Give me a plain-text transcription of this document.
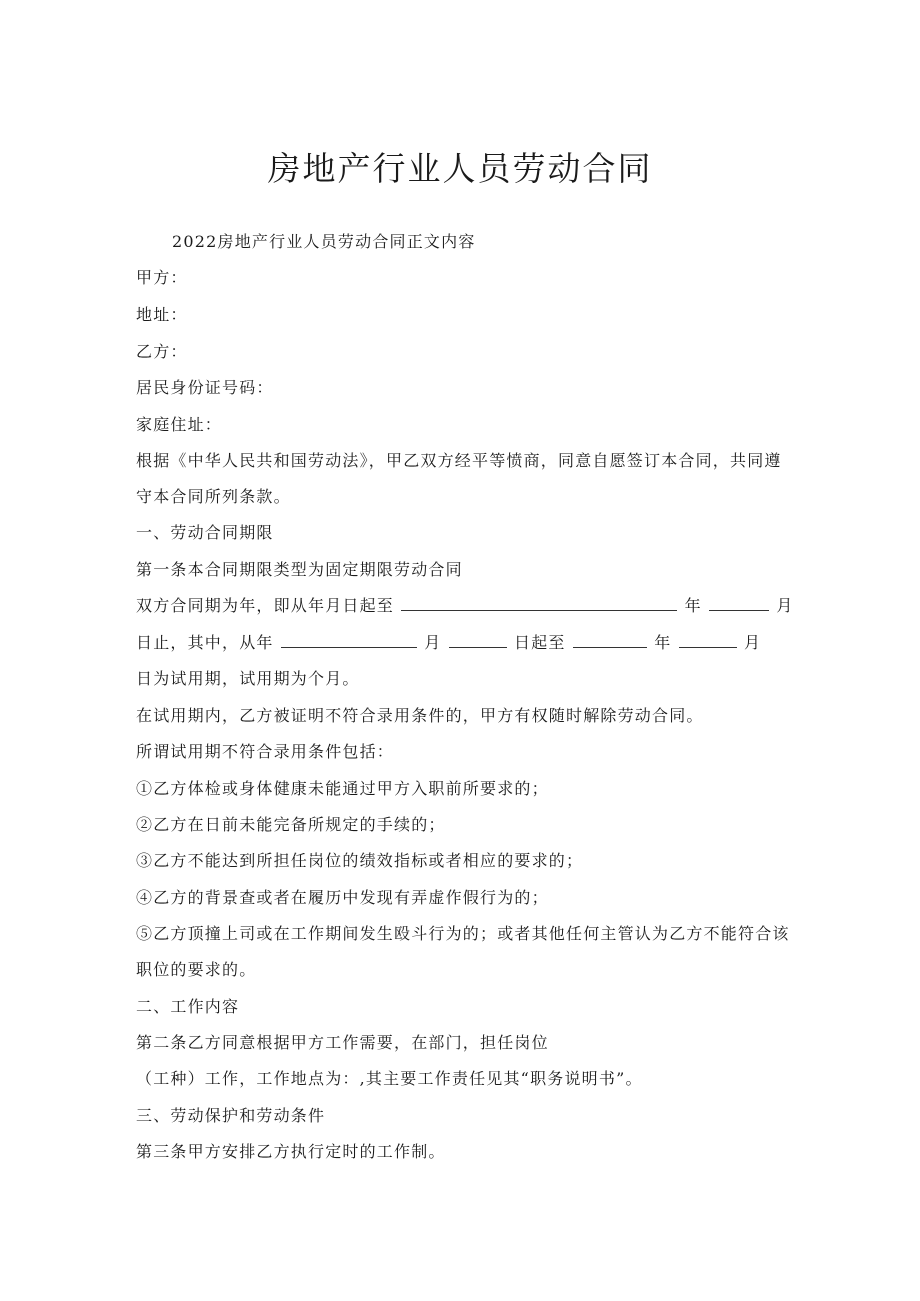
房地产行业人员劳动合同
2022房地产行业人员劳动合同正文内容
甲方：
地址：
乙方：
居民身份证号码：
家庭住址：
根据《中华人民共和国劳动法》，甲乙双方经平等愤商，同意自愿签订本合同，共同遵
守本合同所列条款。
一、劳动合同期限
第一条本合同期限类型为固定期限劳动合同
双方合同期为年，即从年月日起至	年	月
日止，其中，从年	月	日起至	年	月
日为试用期，试用期为个月。
在试用期内，乙方被证明不符合录用条件的，甲方有权随时解除劳动合同。
所谓试用期不符合录用条件包括：
①乙方体检或身体健康未能通过甲方入职前所要求的；
②乙方在日前未能完备所规定的手续的；
③乙方不能达到所担任岗位的绩效指标或者相应的要求的；
④乙方的背景查或者在履历中发现有弄虚作假行为的；
⑤乙方顶撞上司或在工作期间发生殴斗行为的；或者其他任何主管认为乙方不能符合该
职位的要求的。
二、工作内容
第二条乙方同意根据甲方工作需要，在部门，担任岗位
（工种）工作，工作地点为：,其主要工作责任见其“职务说明书”。
三、劳动保护和劳动条件
第三条甲方安排乙方执行定时的工作制。
